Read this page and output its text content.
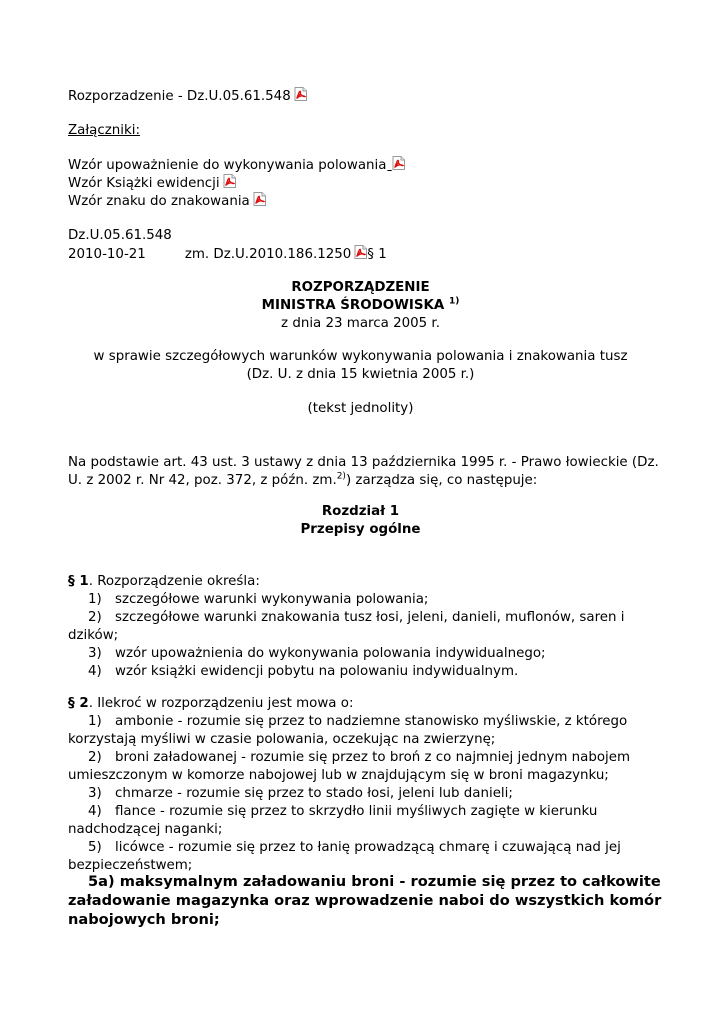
Rozporzadzenie - Dz.U.05.61.548
Załączniki:
Wzór upoważnienie do wykonywania polowania
Wzór Książki ewidencji
Wzór znaku do znakowania
Dz.U.05.61.548
2010-10-21	zm. Dz.U.2010.186.1250 § 1
ROZPORZĄDZENIE
MINISTRA ŚRODOWISKA $^{1)}$
z dnia 23 marca 2005 r.
w sprawie szczegółowych warunków wykonywania polowania i znakowania tusz
(Dz. U. z dnia 15 kwietnia 2005 r.)
(tekst jednolity)
Na podstawie art. 43 ust. 3 ustawy z dnia 13 października 1995 r. - Prawo łowieckie (Dz.
U. z 2002 r. Nr 42, poz. 372, z późn. zm.$^{2)}$) zarządza się, co następuje:
Rozdział 1
Przepisy ogólne
§ 1. Rozporządzenie określa:
1) szczegółowe warunki wykonywania polowania;
2) szczegółowe warunki znakowania tusz łosi, jeleni, danieli, muflonów, saren i
dzików;
3) wzór upoważnienia do wykonywania polowania indywidualnego;
4) wzór książki ewidencji pobytu na polowaniu indywidualnym.
§ 2. Ilekroć w rozporządzeniu jest mowa o:
1) ambonie - rozumie się przez to nadziemne stanowisko myśliwskie, z którego
korzystają myśliwi w czasie polowania, oczekując na zwierzynę;
2) broni załadowanej - rozumie się przez to broń z co najmniej jednym nabojem
umieszczonym w komorze nabojowej lub w znajdującym się w broni magazynku;
3) chmarze - rozumie się przez to stado łosi, jeleni lub danieli;
4) flance - rozumie się przez to skrzydło linii myśliwych zagięte w kierunku
nadchodzącej naganki;
5) licówce - rozumie się przez to łanię prowadzącą chmarę i czuwającą nad jej
bezpieczeństwem;
5a) maksymalnym załadowaniu broni - rozumie się przez to całkowite
załadowanie magazynka oraz wprowadzenie naboi do wszystkich komór
nabojowych broni;
